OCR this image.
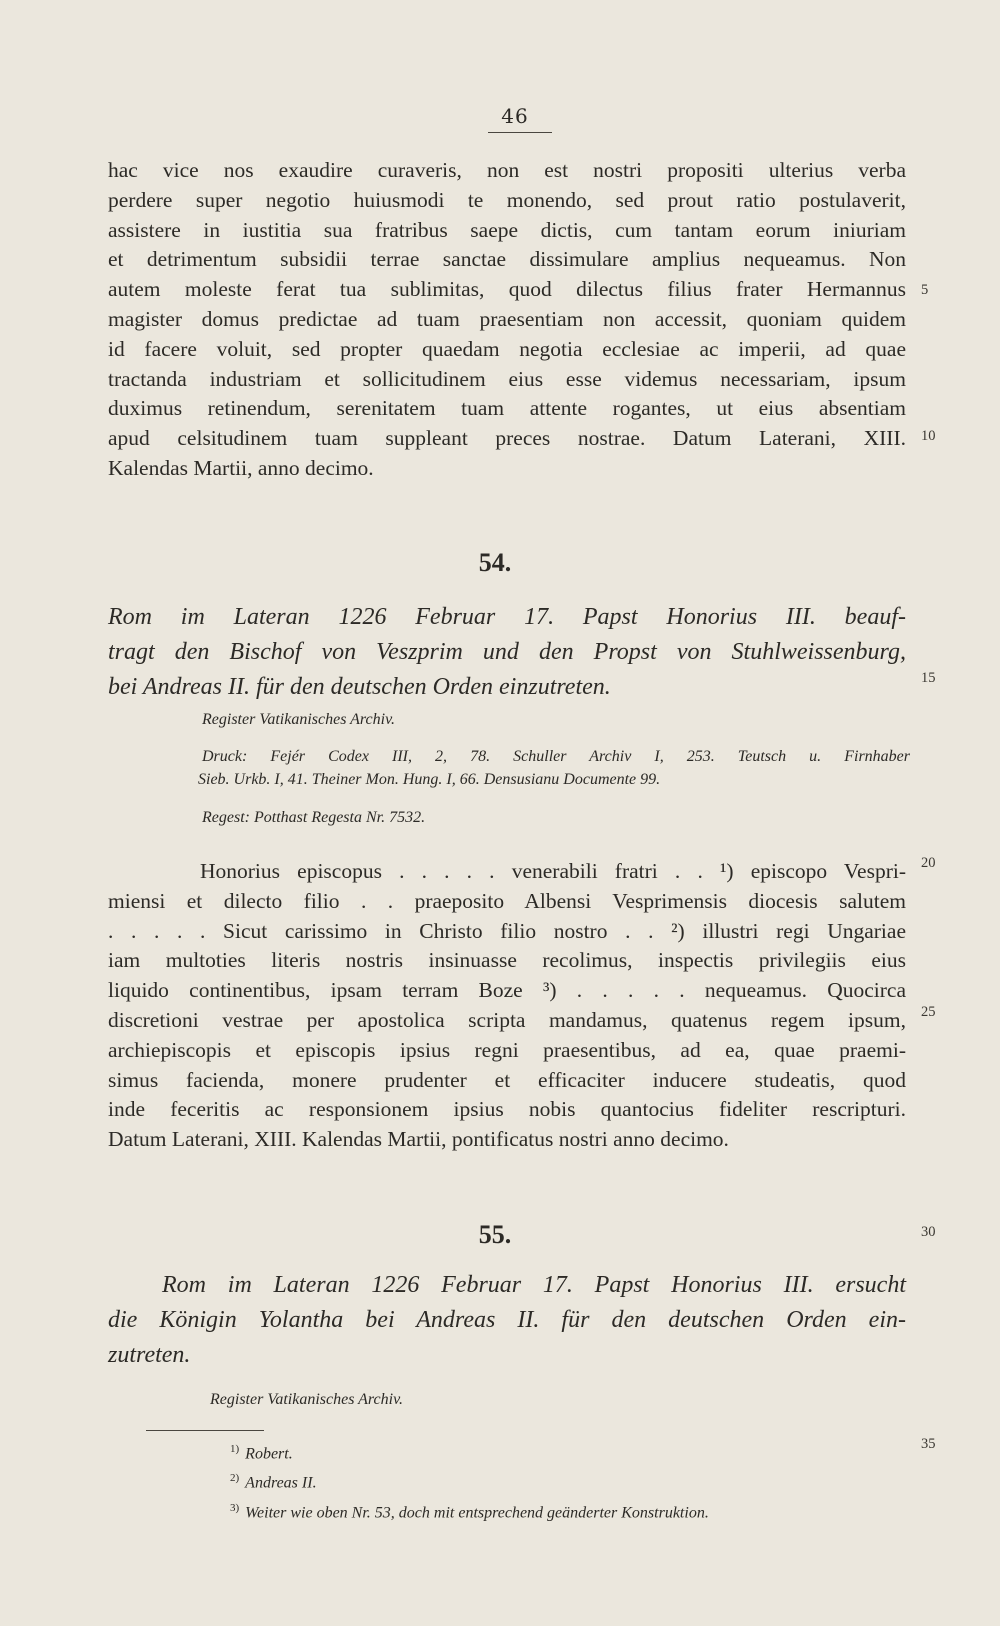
46
hac vice nos exaudire curaveris, non est nostri propositi ulterius verba
perdere super negotio huiusmodi te monendo, sed prout ratio postulaverit,
assistere in iustitia sua fratribus saepe dictis, cum tantam eorum iniuriam
et detrimentum subsidii terrae sanctae dissimulare amplius nequeamus. Non
autem moleste ferat tua sublimitas, quod dilectus filius frater Hermannus
magister domus predictae ad tuam praesentiam non accessit, quoniam quidem
id facere voluit, sed propter quaedam negotia ecclesiae ac imperii, ad quae
tractanda industriam et sollicitudinem eius esse videmus necessariam, ipsum
duximus retinendum, serenitatem tuam attente rogantes, ut eius absentiam
apud celsitudinem tuam suppleant preces nostrae. Datum Laterani, XIII.
Kalendas Martii, anno decimo.
54.
Rom im Lateran 1226 Februar 17. Papst Honorius III. beauf-
tragt den Bischof von Veszprim und den Propst von Stuhlweissenburg,
bei Andreas II. für den deutschen Orden einzutreten.
Register Vatikanisches Archiv.
Druck: Fejér Codex III, 2, 78. Schuller Archiv I, 253. Teutsch u. Firnhaber
Sieb. Urkb. I, 41. Theiner Mon. Hung. I, 66. Densusianu Documente 99.
Regest: Potthast Regesta Nr. 7532.
Honorius episcopus . . . . . venerabili fratri . . ¹) episcopo Vespri-
miensi et dilecto filio . . praeposito Albensi Vesprimensis diocesis salutem
. . . . . Sicut carissimo in Christo filio nostro . . ²) illustri regi Ungariae
iam multoties literis nostris insinuasse recolimus, inspectis privilegiis eius
liquido continentibus, ipsam terram Boze ³) . . . . . nequeamus. Quocirca
discretioni vestrae per apostolica scripta mandamus, quatenus regem ipsum,
archiepiscopis et episcopis ipsius regni praesentibus, ad ea, quae praemi-
simus facienda, monere prudenter et efficaciter inducere studeatis, quod
inde feceritis ac responsionem ipsius nobis quantocius fideliter rescripturi.
Datum Laterani, XIII. Kalendas Martii, pontificatus nostri anno decimo.
55.
Rom im Lateran 1226 Februar 17. Papst Honorius III. ersucht
die Königin Yolantha bei Andreas II. für den deutschen Orden ein-
zutreten.
Register Vatikanisches Archiv.
5
10
15
20
25
30
35
$^{1)}$ Robert.
$^{2)}$ Andreas II.
$^{3)}$ Weiter wie oben Nr. 53, doch mit entsprechend geänderter Konstruktion.
